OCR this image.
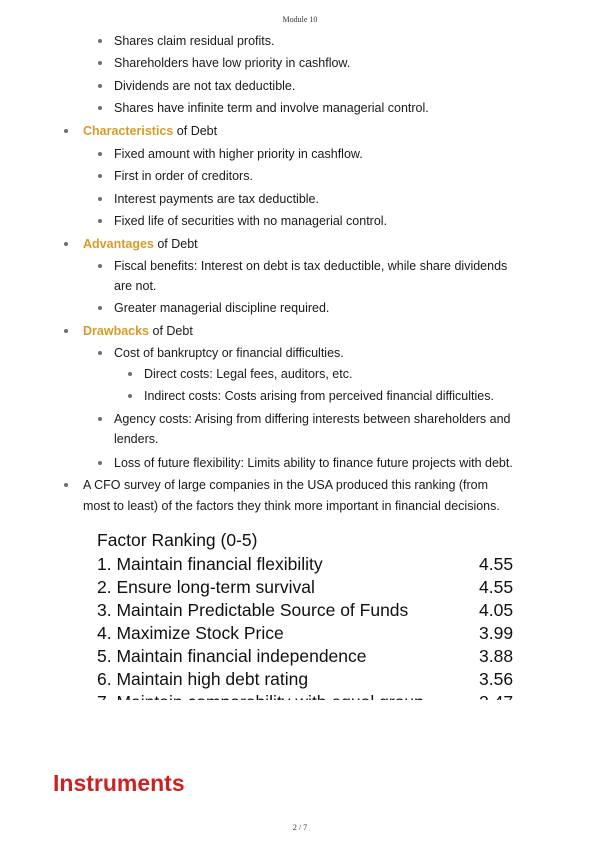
Module 10
Shares claim residual profits.
Shareholders have low priority in cashflow.
Dividends are not tax deductible.
Shares have infinite term and involve managerial control.
Characteristics of Debt
Fixed amount with higher priority in cashflow.
First in order of creditors.
Interest payments are tax deductible.
Fixed life of securities with no managerial control.
Advantages of Debt
Fiscal benefits: Interest on debt is tax deductible, while share dividends
are not.
Greater managerial discipline required.
Drawbacks of Debt
Cost of bankruptcy or financial difficulties.
Direct costs: Legal fees, auditors, etc.
Indirect costs: Costs arising from perceived financial difficulties.
Agency costs: Arising from differing interests between shareholders and
lenders.
Loss of future flexibility: Limits ability to finance future projects with debt.
A CFO survey of large companies in the USA produced this ranking (from
most to least) of the factors they think more important in financial decisions.
Factor Ranking (0-5)
1. Maintain financial flexibility	4.55
2. Ensure long-term survival	4.55
3. Maintain Predictable Source of Funds	4.05
4. Maximize Stock Price	3.99
5. Maintain financial independence	3.88
6. Maintain high debt rating	3.56
Instruments
2 / 7
